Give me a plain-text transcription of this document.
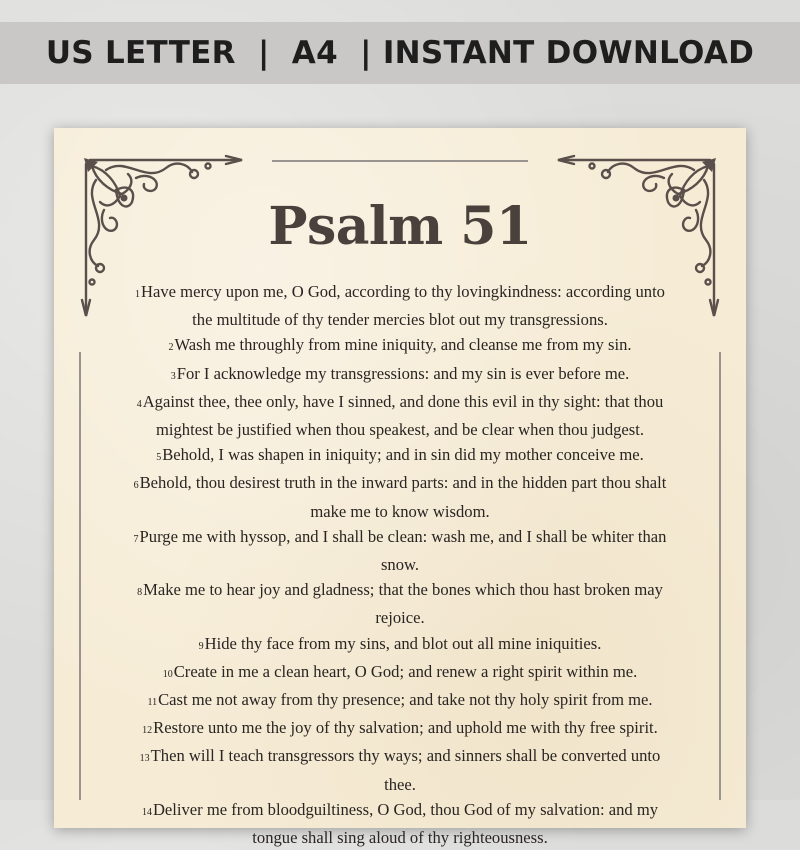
US LETTER  |  A4  | INSTANT DOWNLOAD
Psalm 51
1Have mercy upon me, O God, according to thy lovingkindness: according unto the multitude of thy tender mercies blot out my transgressions.
2Wash me throughly from mine iniquity, and cleanse me from my sin.
3For I acknowledge my transgressions: and my sin is ever before me.
4Against thee, thee only, have I sinned, and done this evil in thy sight: that thou mightest be justified when thou speakest, and be clear when thou judgest.
5Behold, I was shapen in iniquity; and in sin did my mother conceive me.
6Behold, thou desirest truth in the inward parts: and in the hidden part thou shalt make me to know wisdom.
7Purge me with hyssop, and I shall be clean: wash me, and I shall be whiter than snow.
8Make me to hear joy and gladness; that the bones which thou hast broken may rejoice.
9Hide thy face from my sins, and blot out all mine iniquities.
10Create in me a clean heart, O God; and renew a right spirit within me.
11Cast me not away from thy presence; and take not thy holy spirit from me.
12Restore unto me the joy of thy salvation; and uphold me with thy free spirit.
13Then will I teach transgressors thy ways; and sinners shall be converted unto thee.
14Deliver me from bloodguiltiness, O God, thou God of my salvation: and my tongue shall sing aloud of thy righteousness.
